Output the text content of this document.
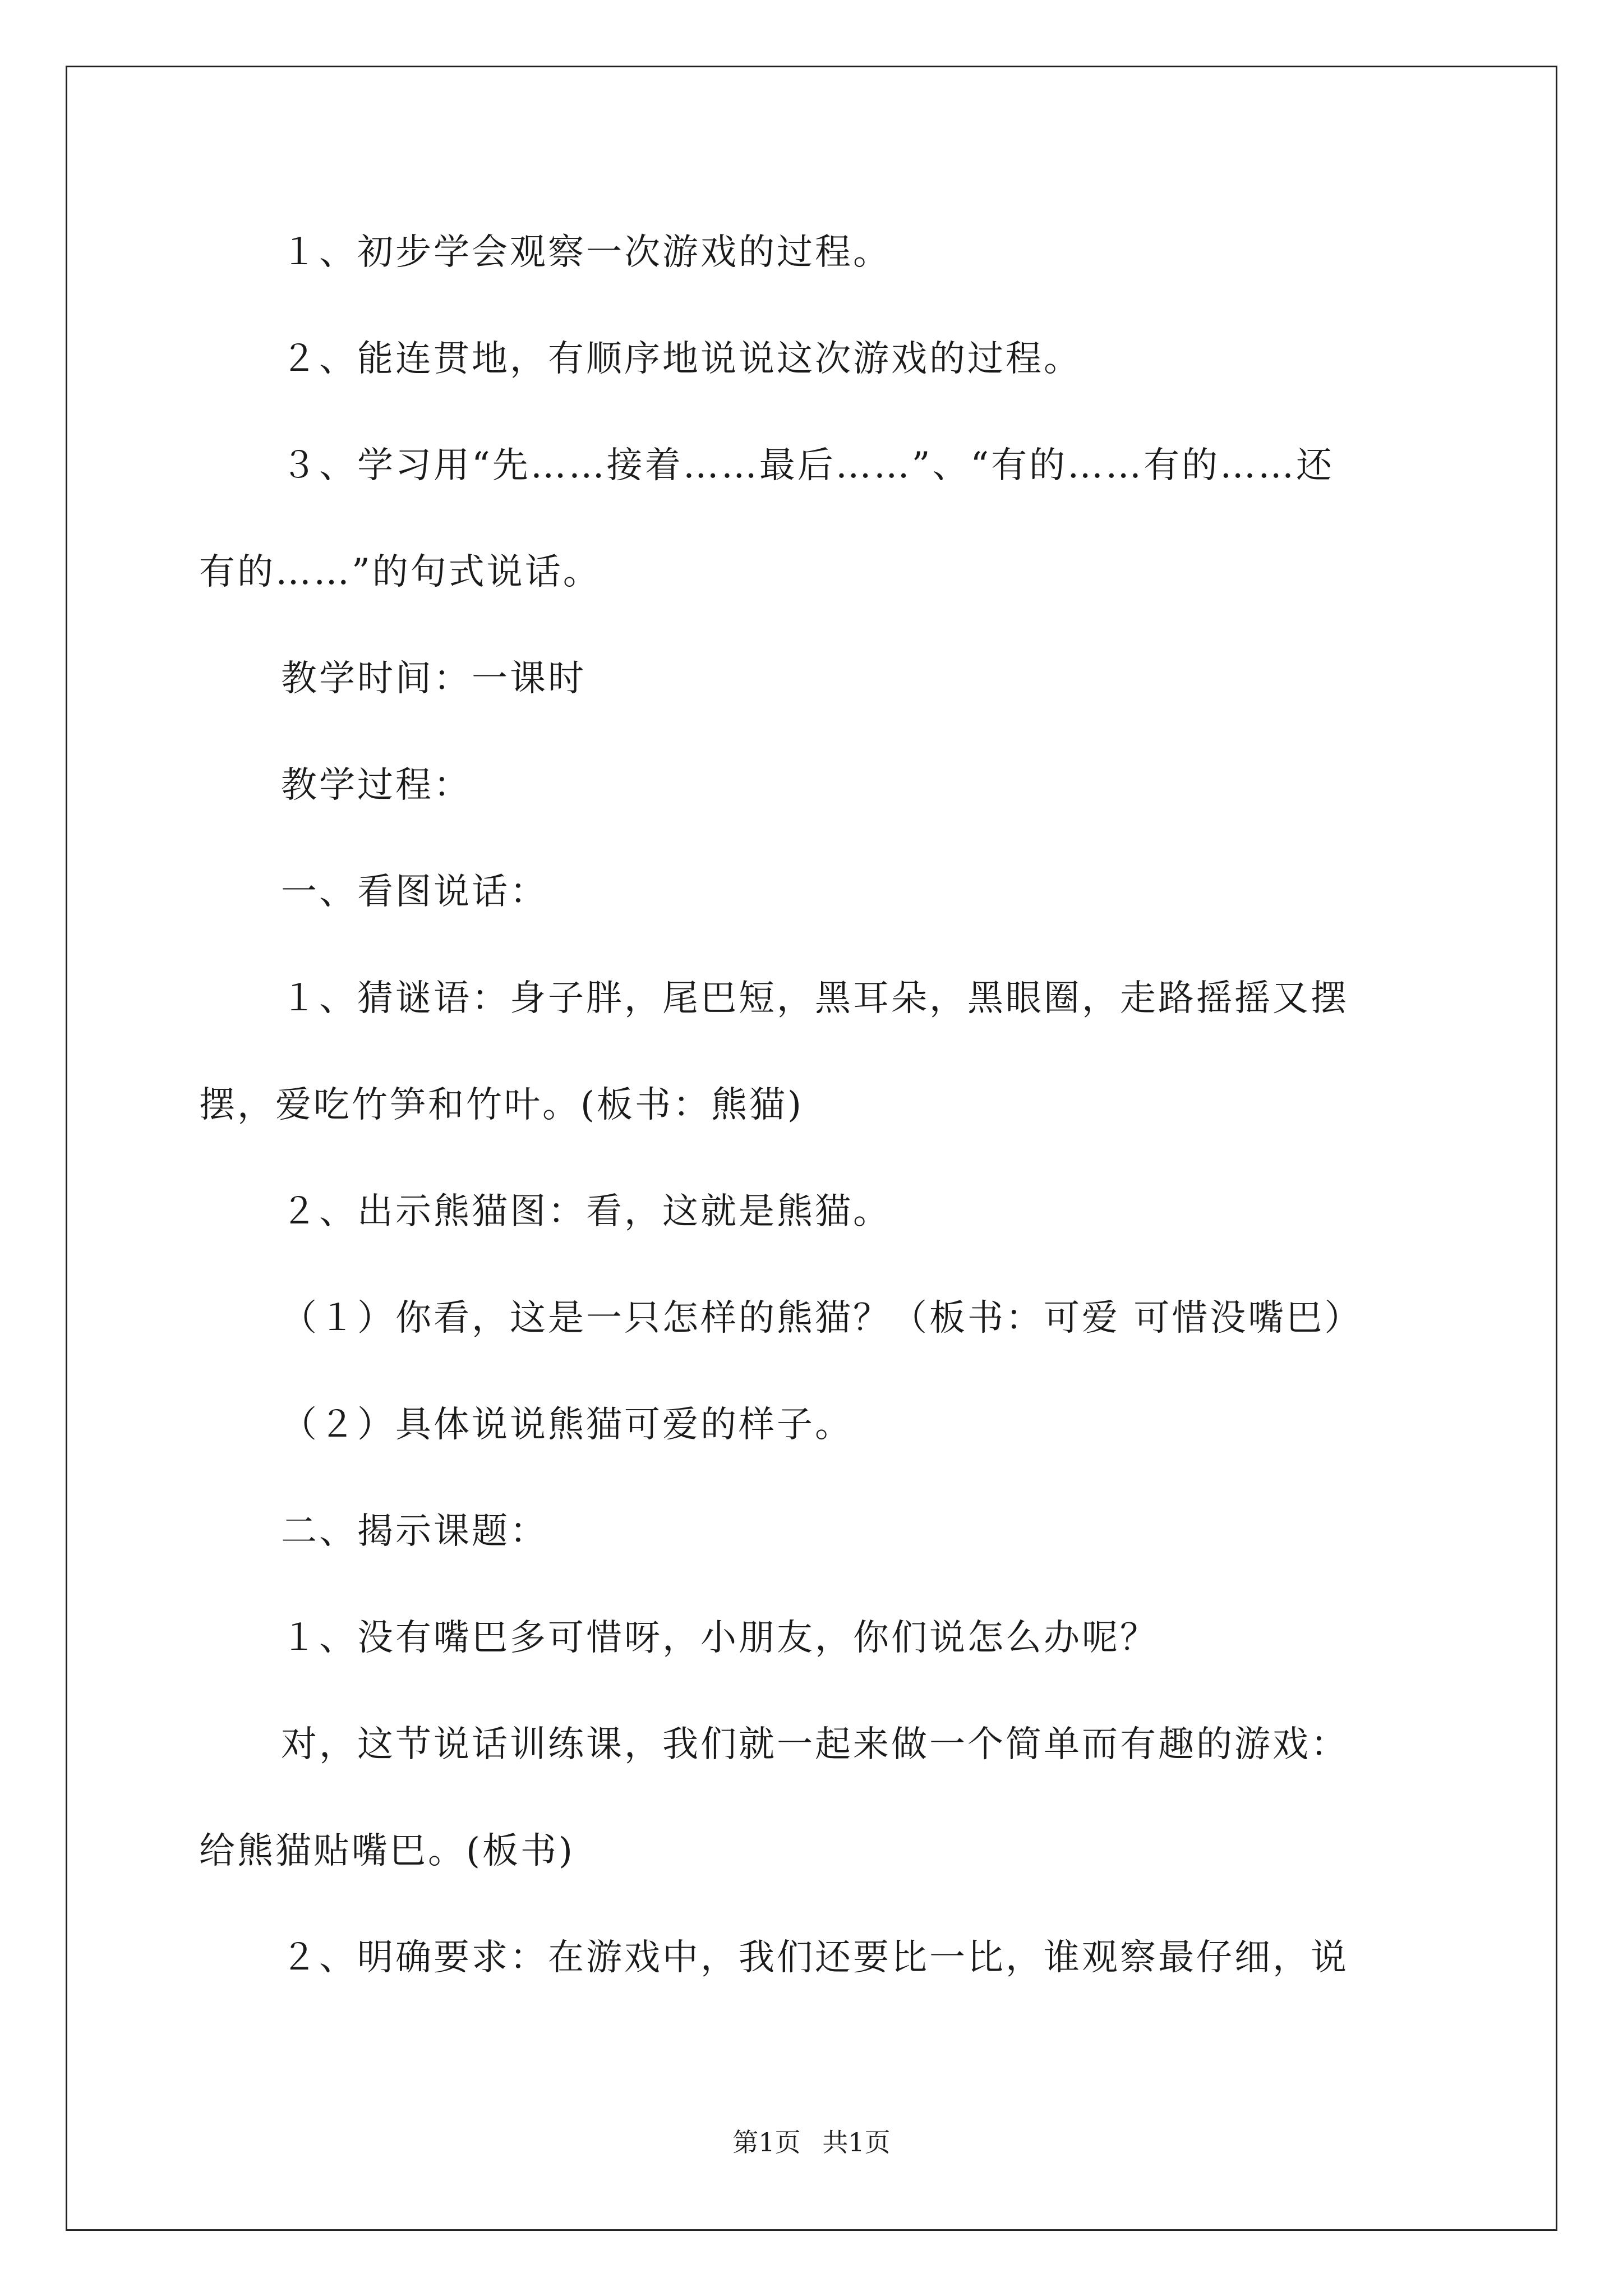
１、初步学会观察一次游戏的过程。
２、能连贯地，有顺序地说说这次游戏的过程。
３、学习用“先……接着……最后……”、“有的……有的……还
有的……”的句式说话。
教学时间：一课时
教学过程：
一、看图说话：
１、猜谜语：身子胖，尾巴短，黑耳朵，黑眼圈，走路摇摇又摆
摆，爱吃竹笋和竹叶。(板书：熊猫)
２、出示熊猫图：看，这就是熊猫。
（１）你看，这是一只怎样的熊猫？（板书：可爱 可惜没嘴巴）
（２）具体说说熊猫可爱的样子。
二、揭示课题：
１、没有嘴巴多可惜呀，小朋友，你们说怎么办呢？
对，这节说话训练课，我们就一起来做一个简单而有趣的游戏：
给熊猫贴嘴巴。(板书)
２、明确要求：在游戏中，我们还要比一比，谁观察最仔细，说
第1页 共1页
